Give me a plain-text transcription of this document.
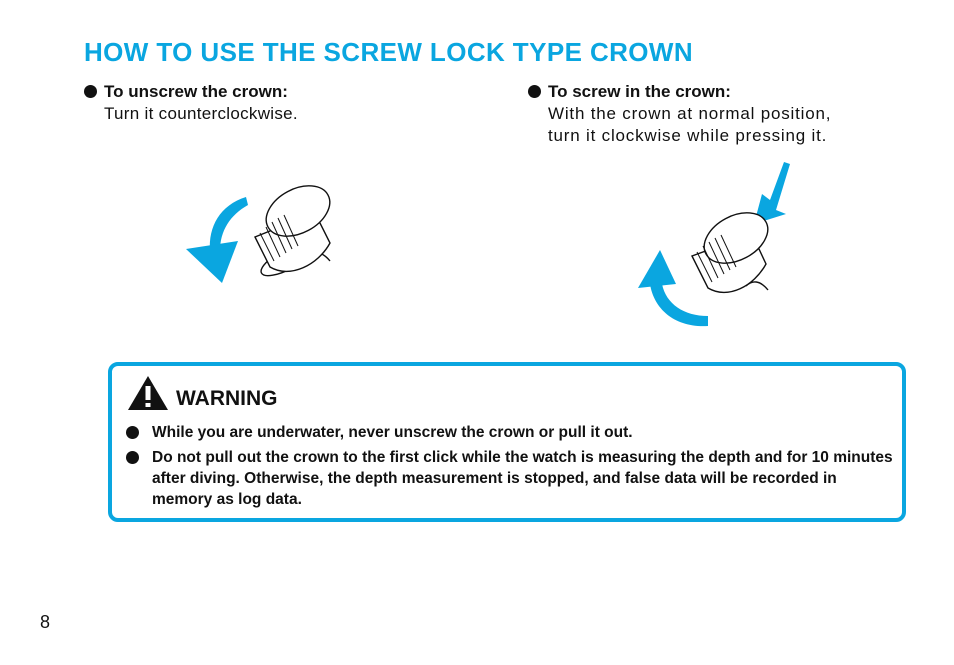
HOW TO USE THE SCREW LOCK TYPE CROWN
To unscrew the crown:
Turn it counterclockwise.
To screw in the crown:
With the crown at normal position,
turn it clockwise while pressing it.
WARNING
While you are underwater, never unscrew the crown or pull it out.
Do not pull out the crown to the first click while the watch is measuring the depth and for 10 minutes after diving. Otherwise, the depth measurement is stopped, and false data will be recorded in memory as log data.
8
